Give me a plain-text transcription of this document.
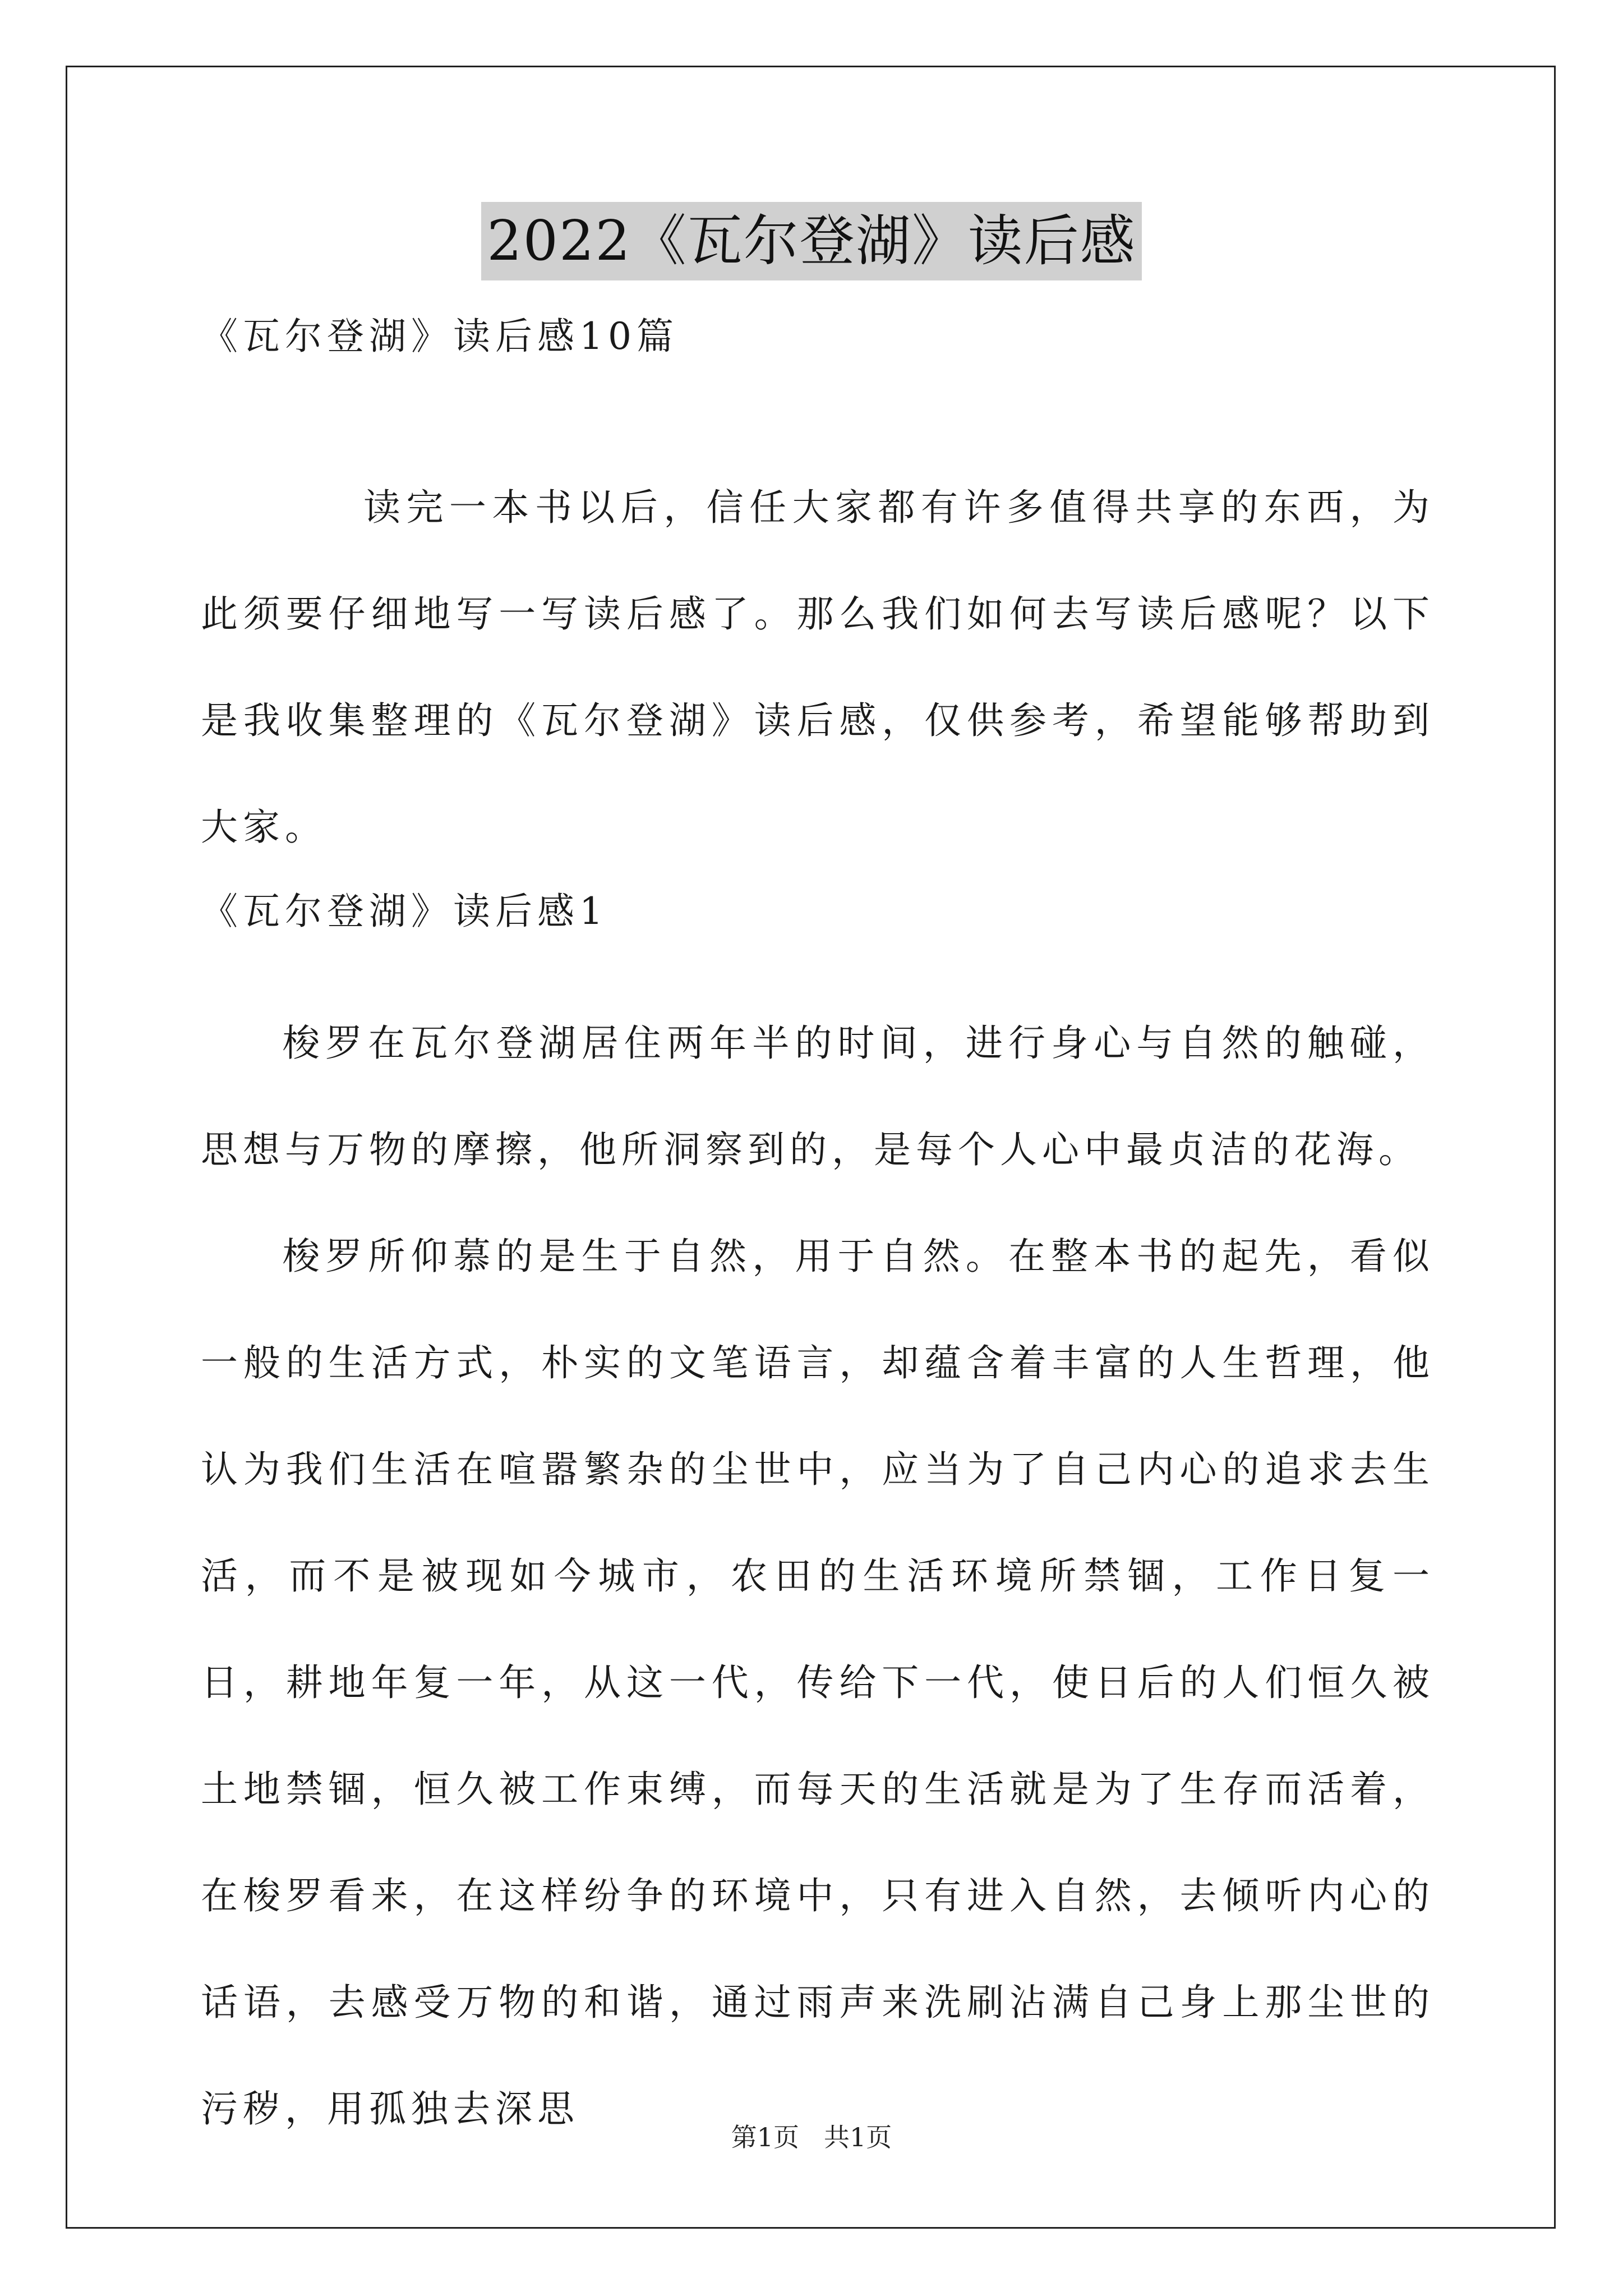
2022《瓦尔登湖》读后感
《瓦尔登湖》读后感10篇
读完一本书以后，信任大家都有许多值得共享的东西，为此须要仔细地写一写读后感了。那么我们如何去写读后感呢？以下是我收集整理的《瓦尔登湖》读后感，仅供参考，希望能够帮助到大家。
《瓦尔登湖》读后感1
梭罗在瓦尔登湖居住两年半的时间，进行身心与自然的触碰，思想与万物的摩擦，他所洞察到的，是每个人心中最贞洁的花海。
梭罗所仰慕的是生于自然，用于自然。在整本书的起先，看似一般的生活方式，朴实的文笔语言，却蕴含着丰富的人生哲理，他认为我们生活在喧嚣繁杂的尘世中，应当为了自己内心的追求去生活，而不是被现如今城市，农田的生活环境所禁锢，工作日复一日，耕地年复一年，从这一代，传给下一代，使日后的人们恒久被土地禁锢，恒久被工作束缚，而每天的生活就是为了生存而活着，在梭罗看来，在这样纷争的环境中，只有进入自然，去倾听内心的话语，去感受万物的和谐，通过雨声来洗刷沾满自己身上那尘世的污秽，用孤独去深思
第1页 共1页
